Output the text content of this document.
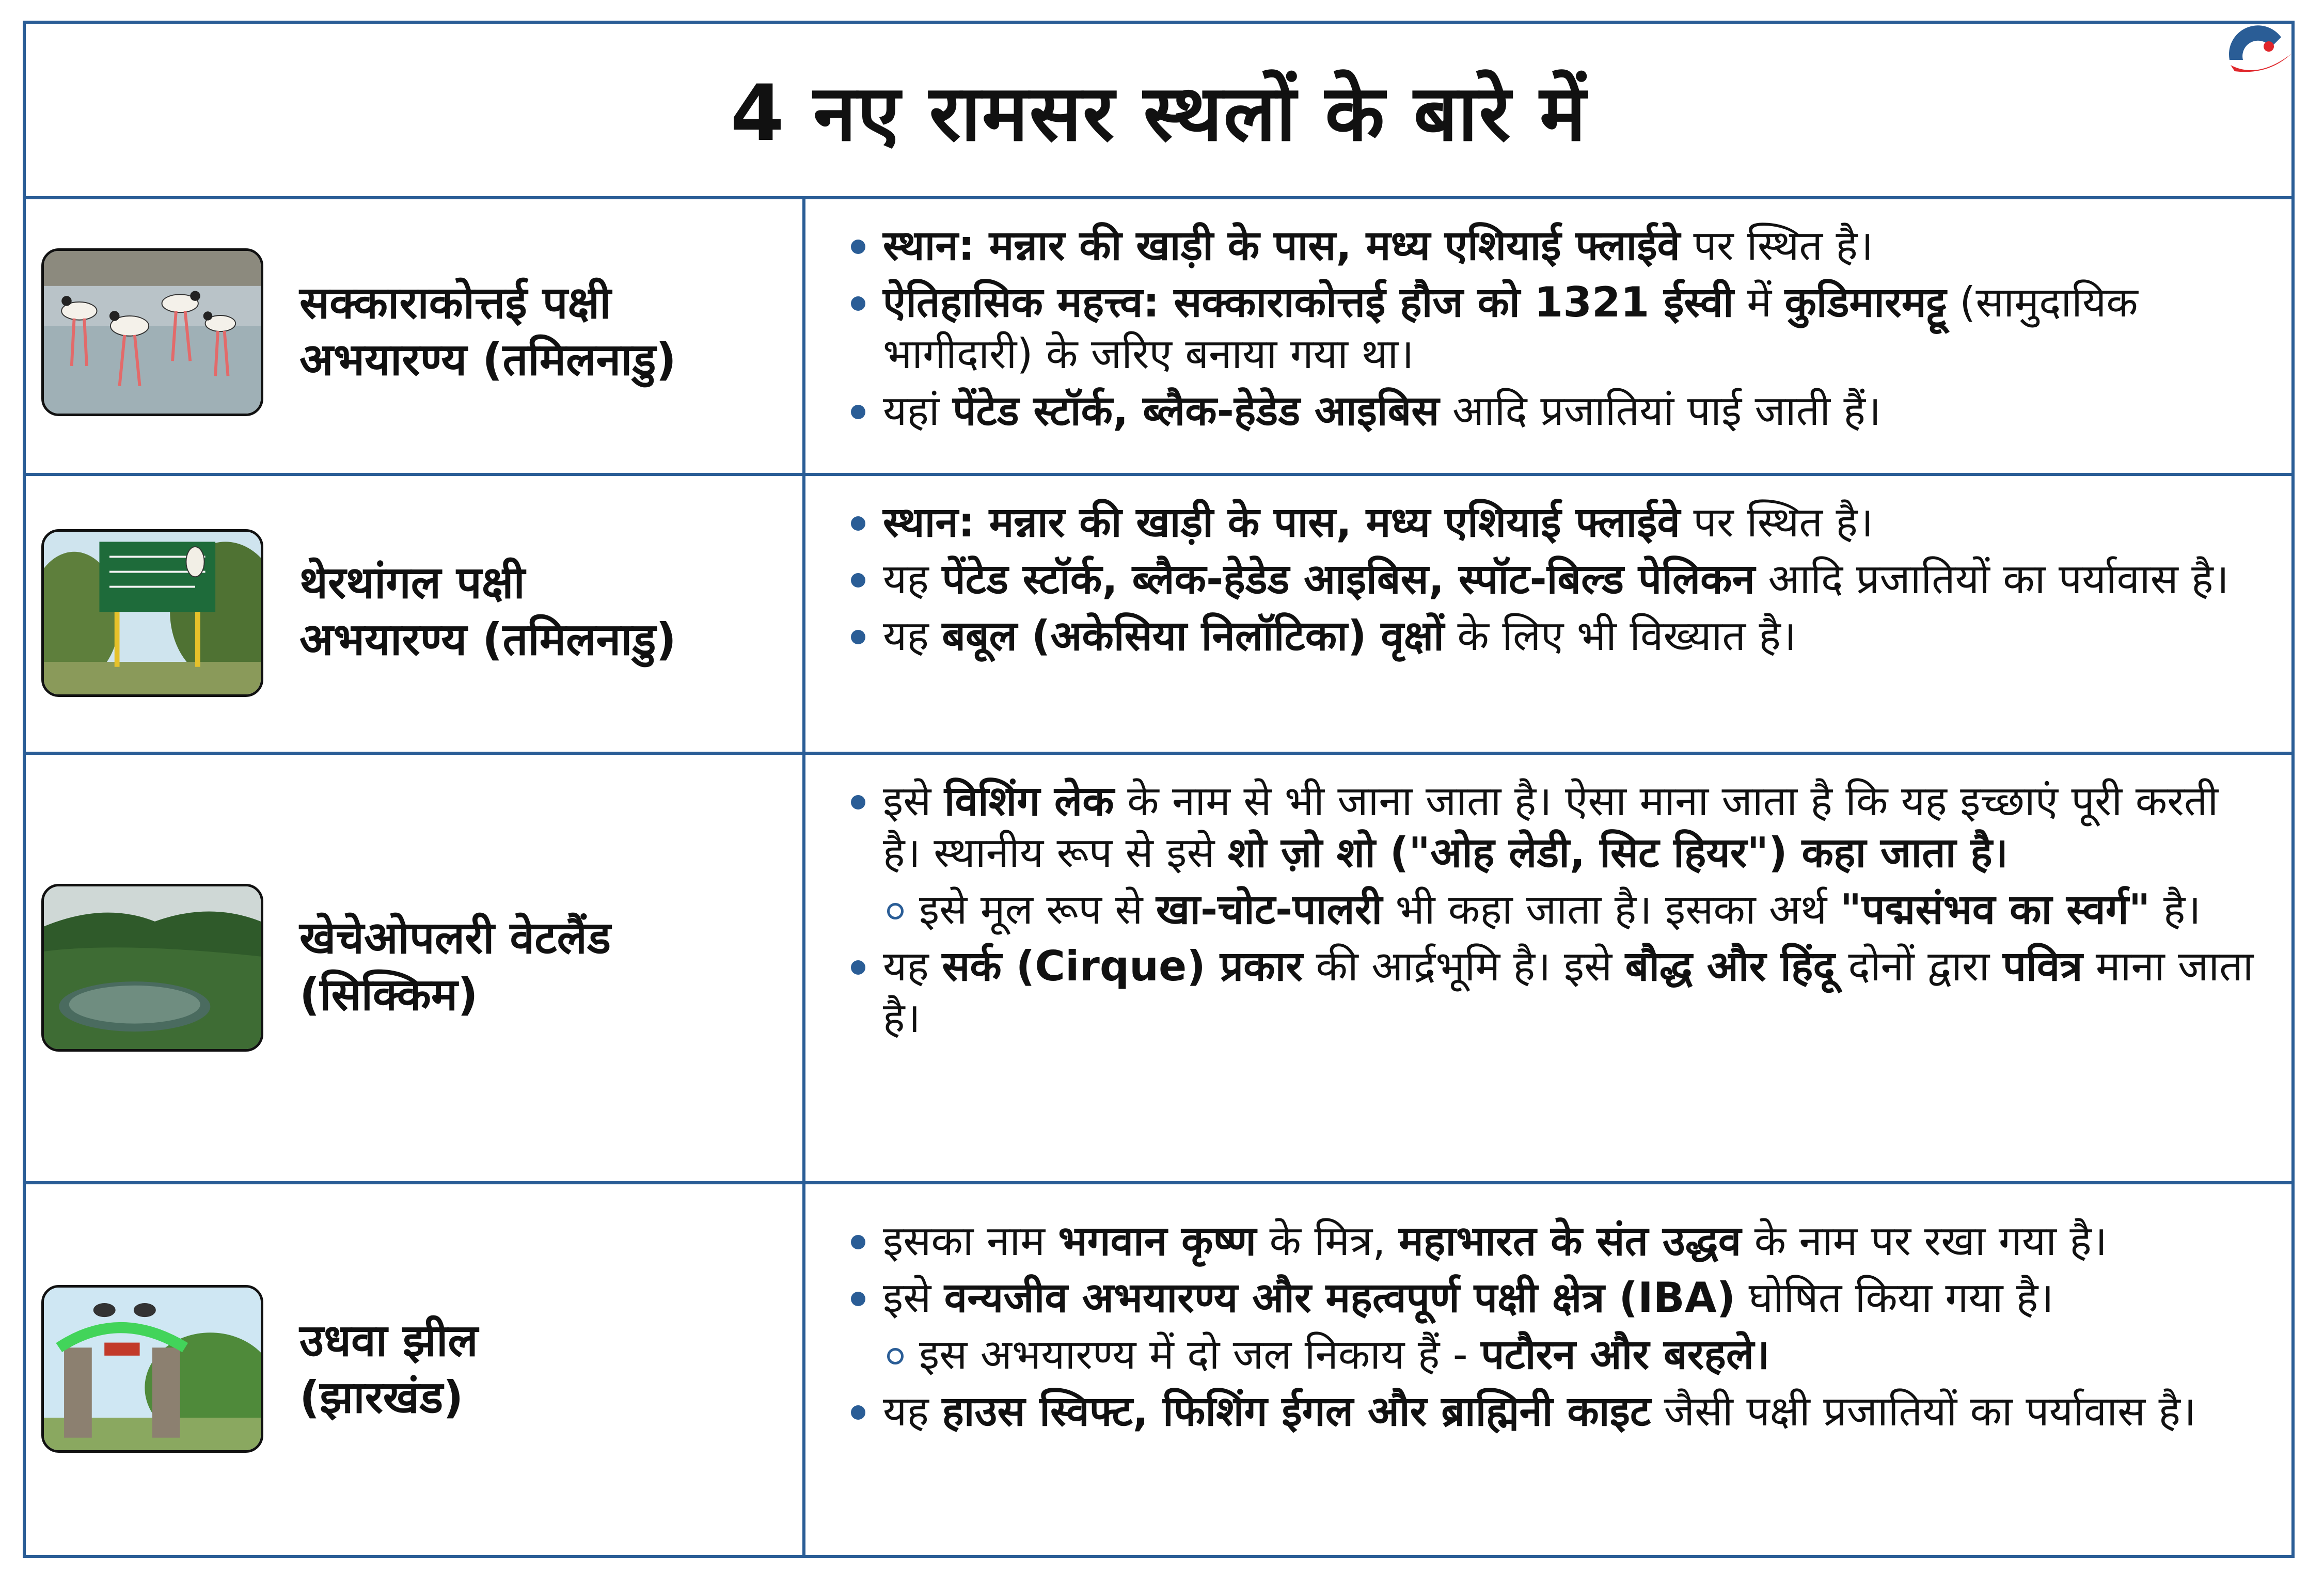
4 नए रामसर स्थलों के बारे में
सक्काराकोत्तई पक्षी
अभयारण्य (तमिलनाडु)
स्थान: मन्नार की खाड़ी के पास, मध्य एशियाई फ्लाईवे पर स्थित है।
ऐतिहासिक महत्त्व: सक्काराकोत्तई हौज को 1321 ईस्वी में कुडिमारमट्टू (सामुदायिक भागीदारी) के जरिए बनाया गया था।
यहां पेंटेड स्टॉर्क, ब्लैक-हेडेड आइबिस आदि प्रजातियां पाई जाती हैं।
थेरथांगल पक्षी
अभयारण्य (तमिलनाडु)
स्थान: मन्नार की खाड़ी के पास, मध्य एशियाई फ्लाईवे पर स्थित है।
यह पेंटेड स्टॉर्क, ब्लैक-हेडेड आइबिस, स्पॉट-बिल्ड पेलिकन आदि प्रजातियों का पर्यावास है।
यह बबूल (अकेसिया निलॉटिका) वृक्षों के लिए भी विख्यात है।
खेचेओपलरी वेटलैंड
(सिक्किम)
इसे विशिंग लेक के नाम से भी जाना जाता है। ऐसा माना जाता है कि यह इच्छाएं पूरी करती है। स्थानीय रूप से इसे शो ज़ो शो ("ओह लेडी, सिट हियर") कहा जाता है।
इसे मूल रूप से खा-चोट-पालरी भी कहा जाता है। इसका अर्थ "पद्मसंभव का स्वर्ग" है।
यह सर्क (Cirque) प्रकार की आर्द्रभूमि है। इसे बौद्ध और हिंदू दोनों द्वारा पवित्र माना जाता है।
उधवा झील
(झारखंड)
इसका नाम भगवान कृष्ण के मित्र, महाभारत के संत उद्धव के नाम पर रखा गया है।
इसे वन्यजीव अभयारण्य और महत्वपूर्ण पक्षी क्षेत्र (IBA) घोषित किया गया है।
इस अभयारण्य में दो जल निकाय हैं - पटौरन और बरहले।
यह हाउस स्विफ्ट, फिशिंग ईगल और ब्राह्मिनी काइट जैसी पक्षी प्रजातियों का पर्यावास है।
